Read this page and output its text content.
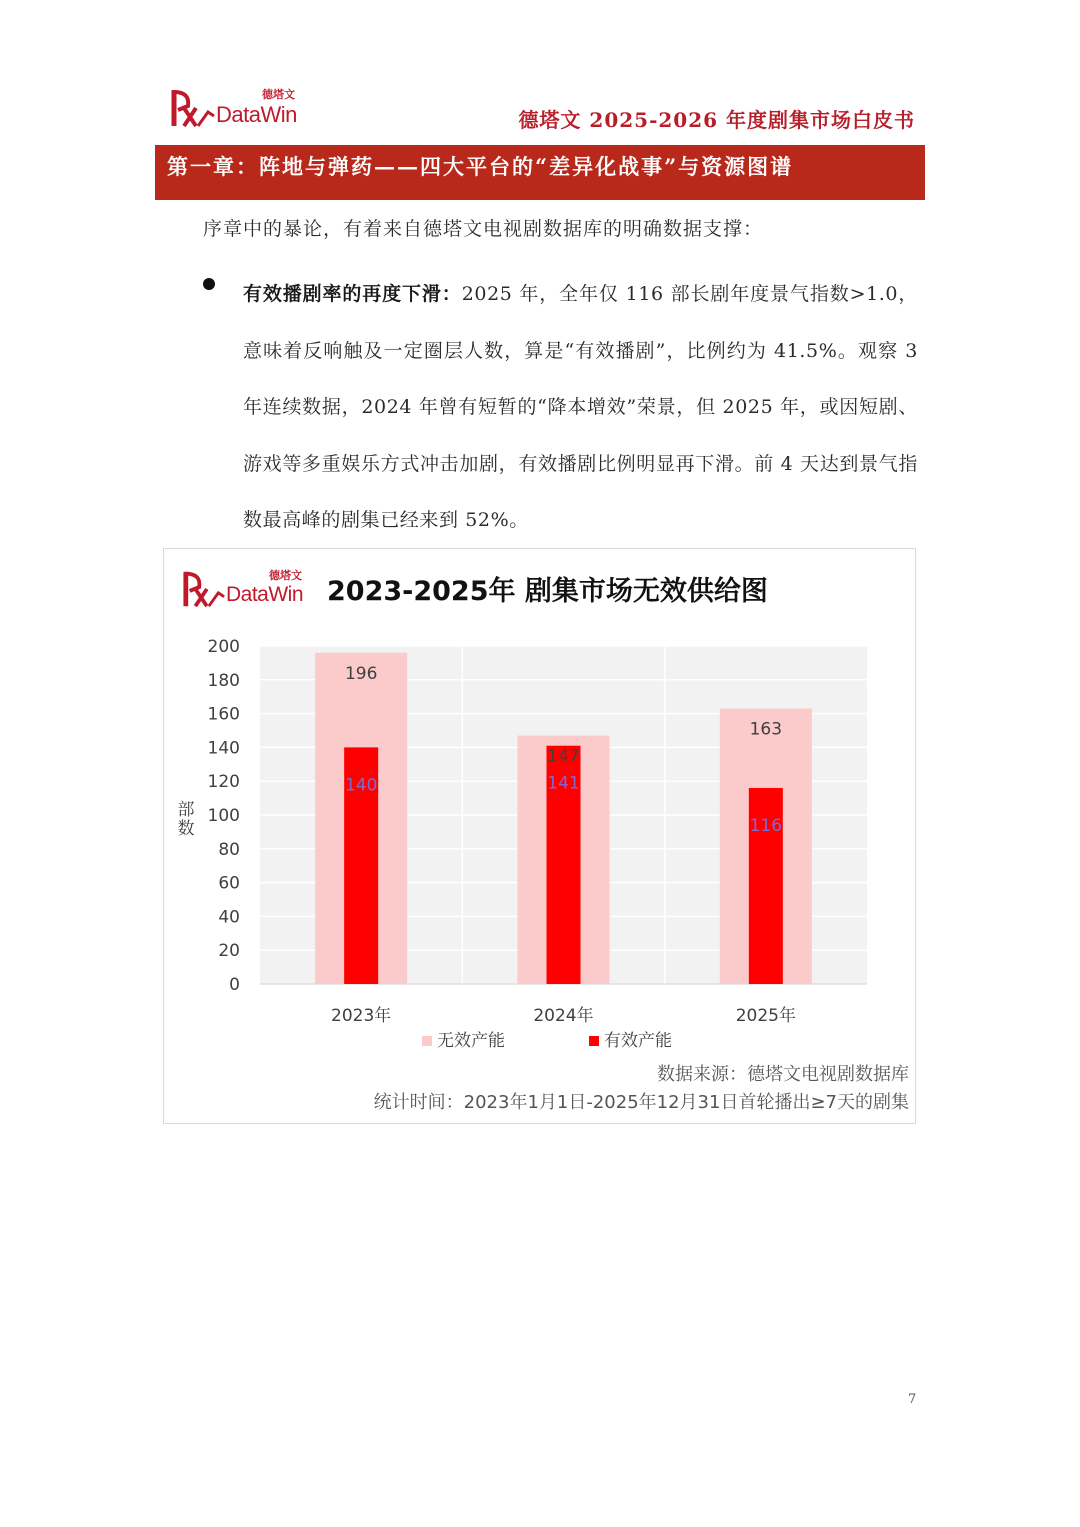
德塔文
DataWin	德塔文 2025-2026 年度剧集市场白皮书
第一章：阵地与弹药——四大平台的“差异化战事”与资源图谱
序章中的暴论，有着来自德塔文电视剧数据库的明确数据支撑：
有效播剧率的再度下滑：2025 年，全年仅 116 部长剧年度景气指数>1.0，意味着反响触及一定圈层人数，算是“有效播剧”，比例约为 41.5%。观察 3 年连续数据，2024 年曾有短暂的“降本增效”荣景，但 2025 年，或因短剧、游戏等多重娱乐方式冲击加剧，有效播剧比例明显再下滑。前 4 天达到景气指数最高峰的剧集已经来到 52%。
德塔文
DataWin 2023-2025年 剧集市场无效供给图
0
20
40
60
80
100
120
140
160
180
200
部
数
196
140
2023年
147
141
2024年
163
116
2025年
无效产能	有效产能
数据来源：德塔文电视剧数据库
统计时间：2023年1月1日-2025年12月31日首轮播出≥7天的剧集
7
